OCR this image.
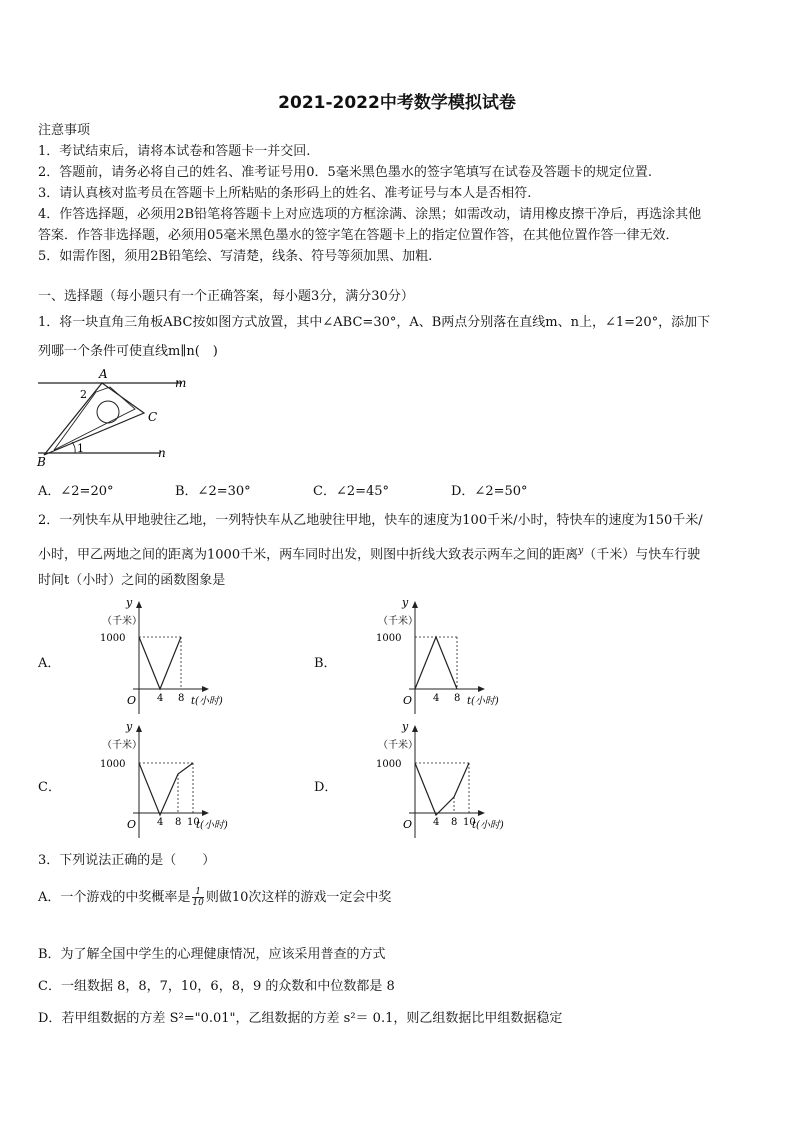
2021-2022中考数学模拟试卷
注意事项
1．考试结束后，请将本试卷和答题卡一并交回.
2．答题前，请务必将自己的姓名、准考证号用0．5毫米黑色墨水的签字笔填写在试卷及答题卡的规定位置.
3．请认真核对监考员在答题卡上所粘贴的条形码上的姓名、准考证号与本人是否相符.
4．作答选择题，必须用2B铅笔将答题卡上对应选项的方框涂满、涂黑；如需改动，请用橡皮擦干净后，再选涂其他
答案．作答非选择题，必须用05毫米黑色墨水的签字笔在答题卡上的指定位置作答，在其他位置作答一律无效．
5．如需作图，须用2B铅笔绘、写清楚，线条、符号等须加黑、加粗.
一、选择题（每小题只有一个正确答案，每小题3分，满分30分）
1．将一块直角三角板ABC按如图方式放置，其中∠ABC=30°，A、B两点分别落在直线m、n上，∠1=20°，添加下
列哪一个条件可使直线m∥n(　)
A
B
C
m
n
1
2
A．∠2=20°	B．∠2=30°	C．∠2=45°	D．∠2=50°
2．一列快车从甲地驶往乙地，一列特快车从乙地驶往甲地，快车的速度为100千米/小时，特快车的速度为150千米/
小时，甲乙两地之间的距离为1000千米，两车同时出发，则图中折线大致表示两车之间的距离$^y$（千米）与快车行驶
时间t（小时）之间的函数图象是
A．
y
（千米）
1000
O 4 8 t(小时)
B．
y
（千米）
1000
O 4 8 t(小时)
C．
y
（千米）
1000
O 4 8 10
t(小时)
D．
y
（千米）
1000
O 4 8 10
t(小时)
3．下列说法正确的是（　　）
A．一个游戏的中奖概率是 $\frac{1}{10}$ 则做10次这样的游戏一定会中奖
B．为了解全国中学生的心理健康情况，应该采用普查的方式
C．一组数据 8，8，7，10，6，8，9 的众数和中位数都是 8
D．若甲组数据的方差 S²="0.01"，乙组数据的方差 s²＝ 0.1，则乙组数据比甲组数据稳定
